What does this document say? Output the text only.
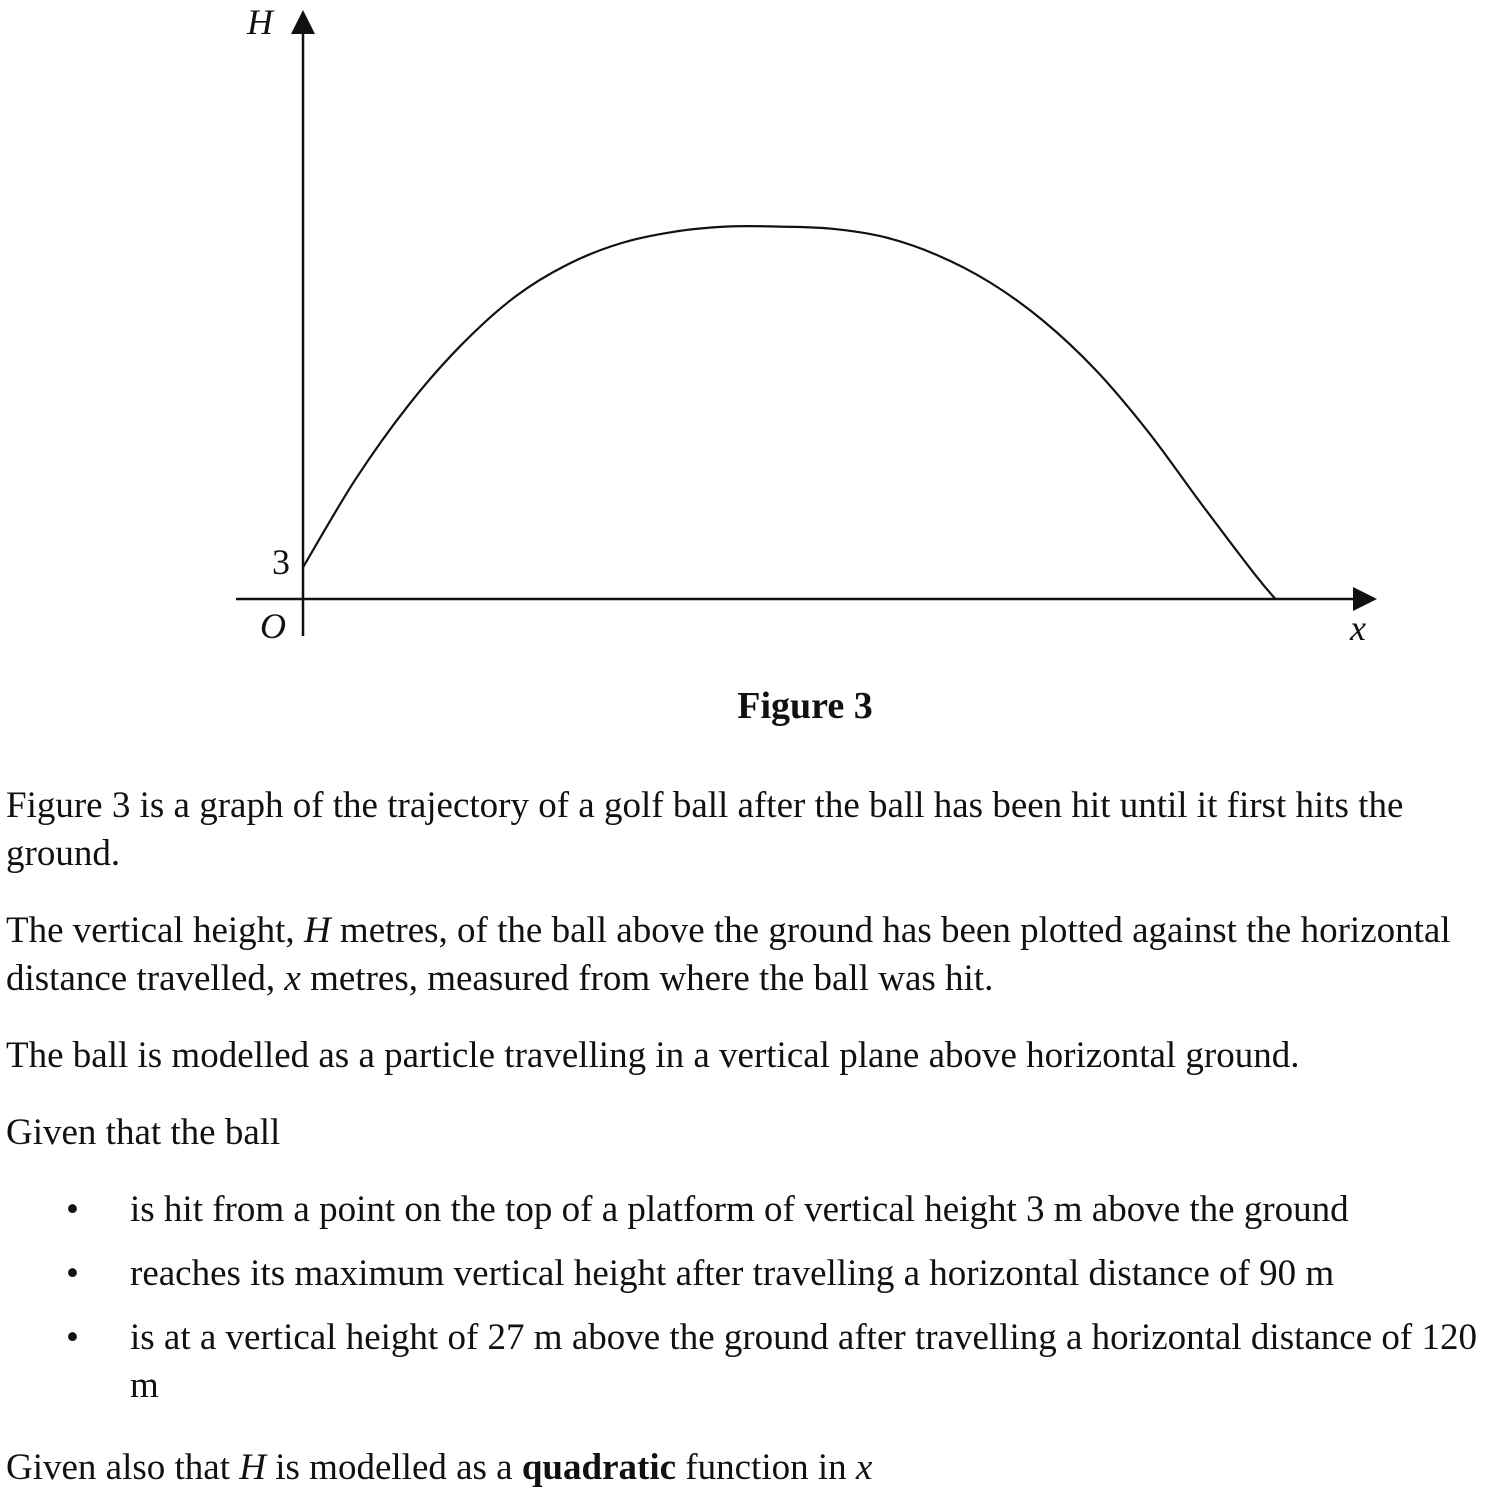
H
x
O
3
Figure 3

Figure 3 is a graph of the trajectory of a golf ball after the ball has been hit until it first hits the ground.

The vertical height, H metres, of the ball above the ground has been plotted against the horizontal distance travelled, x metres, measured from where the ball was hit.

The ball is modelled as a particle travelling in a vertical plane above horizontal ground.

Given that the ball

• is hit from a point on the top of a platform of vertical height 3 m above the ground
• reaches its maximum vertical height after travelling a horizontal distance of 90 m
• is at a vertical height of 27 m above the ground after travelling a horizontal distance of 120 m

Given also that H is modelled as a quadratic function in x
